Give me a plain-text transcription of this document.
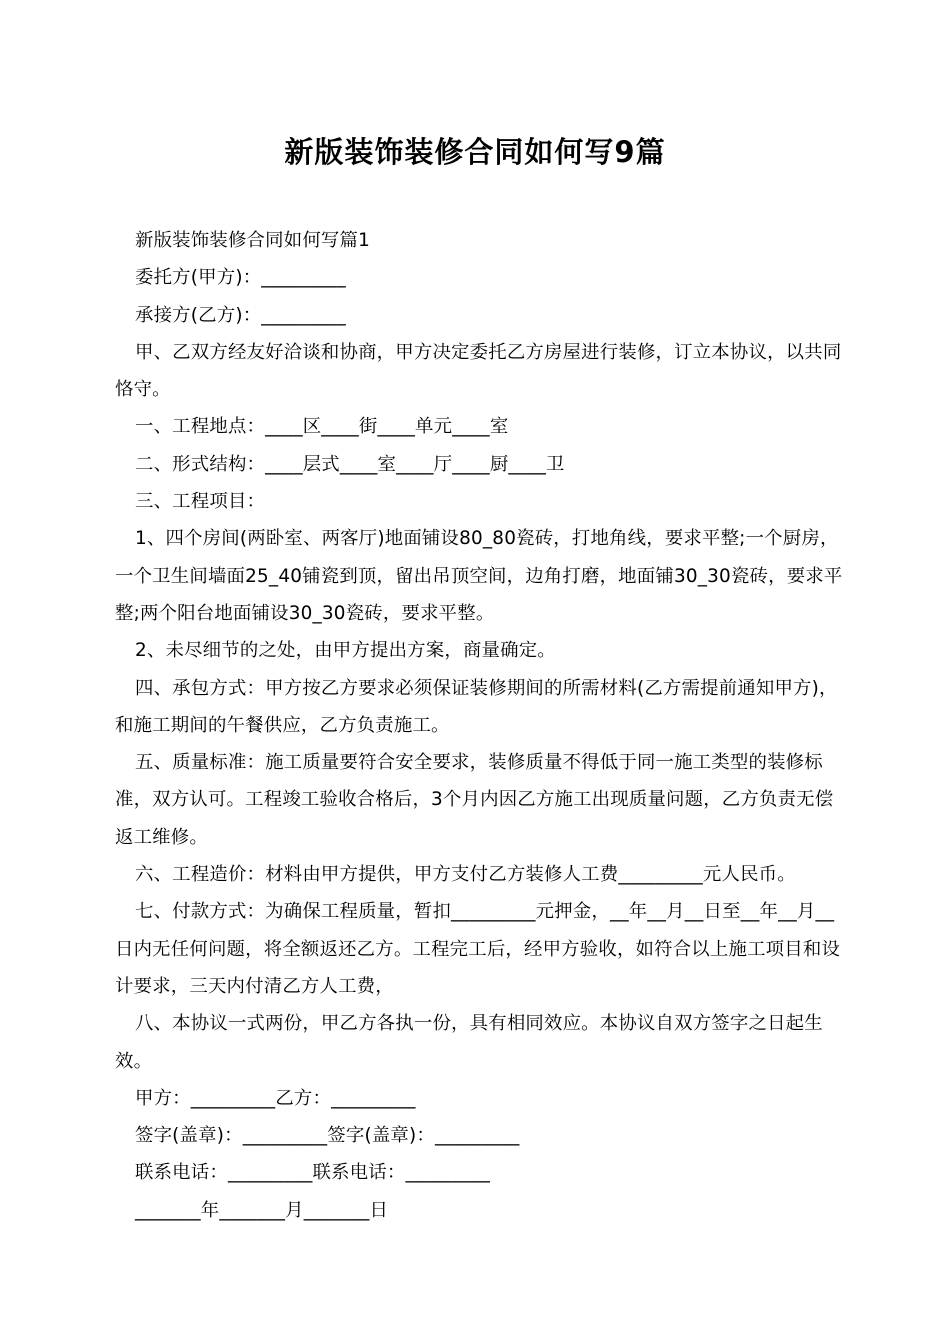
新版装饰装修合同如何写9篇

新版装饰装修合同如何写篇1

委托方(甲方)：_________

承接方(乙方)：_________

甲、乙双方经友好洽谈和协商，甲方决定委托乙方房屋进行装修，订立本协议，以共同恪守。

一、工程地点：____区____街____单元____室

二、形式结构：____层式____室____厅____厨____卫

三、工程项目：

1、四个房间(两卧室、两客厅)地面铺设80_80瓷砖，打地角线，要求平整;一个厨房，一个卫生间墙面25_40铺瓷到顶，留出吊顶空间，边角打磨，地面铺30_30瓷砖，要求平整;两个阳台地面铺设30_30瓷砖，要求平整。

2、未尽细节的之处，由甲方提出方案，商量确定。

四、承包方式：甲方按乙方要求必须保证装修期间的所需材料(乙方需提前通知甲方)，和施工期间的午餐供应，乙方负责施工。

五、质量标准：施工质量要符合安全要求，装修质量不得低于同一施工类型的装修标准，双方认可。工程竣工验收合格后，3个月内因乙方施工出现质量问题，乙方负责无偿返工维修。

六、工程造价：材料由甲方提供，甲方支付乙方装修人工费_________元人民币。

七、付款方式：为确保工程质量，暂扣_________元押金，__年__月__日至__年__月__日内无任何问题，将全额返还乙方。工程完工后，经甲方验收，如符合以上施工项目和设计要求，三天内付清乙方人工费，

八、本协议一式两份，甲乙方各执一份，具有相同效应。本协议自双方签字之日起生效。

甲方：_________乙方：_________

签字(盖章)：_________签字(盖章)：_________

联系电话：_________联系电话：_________

_______年_______月_______日
